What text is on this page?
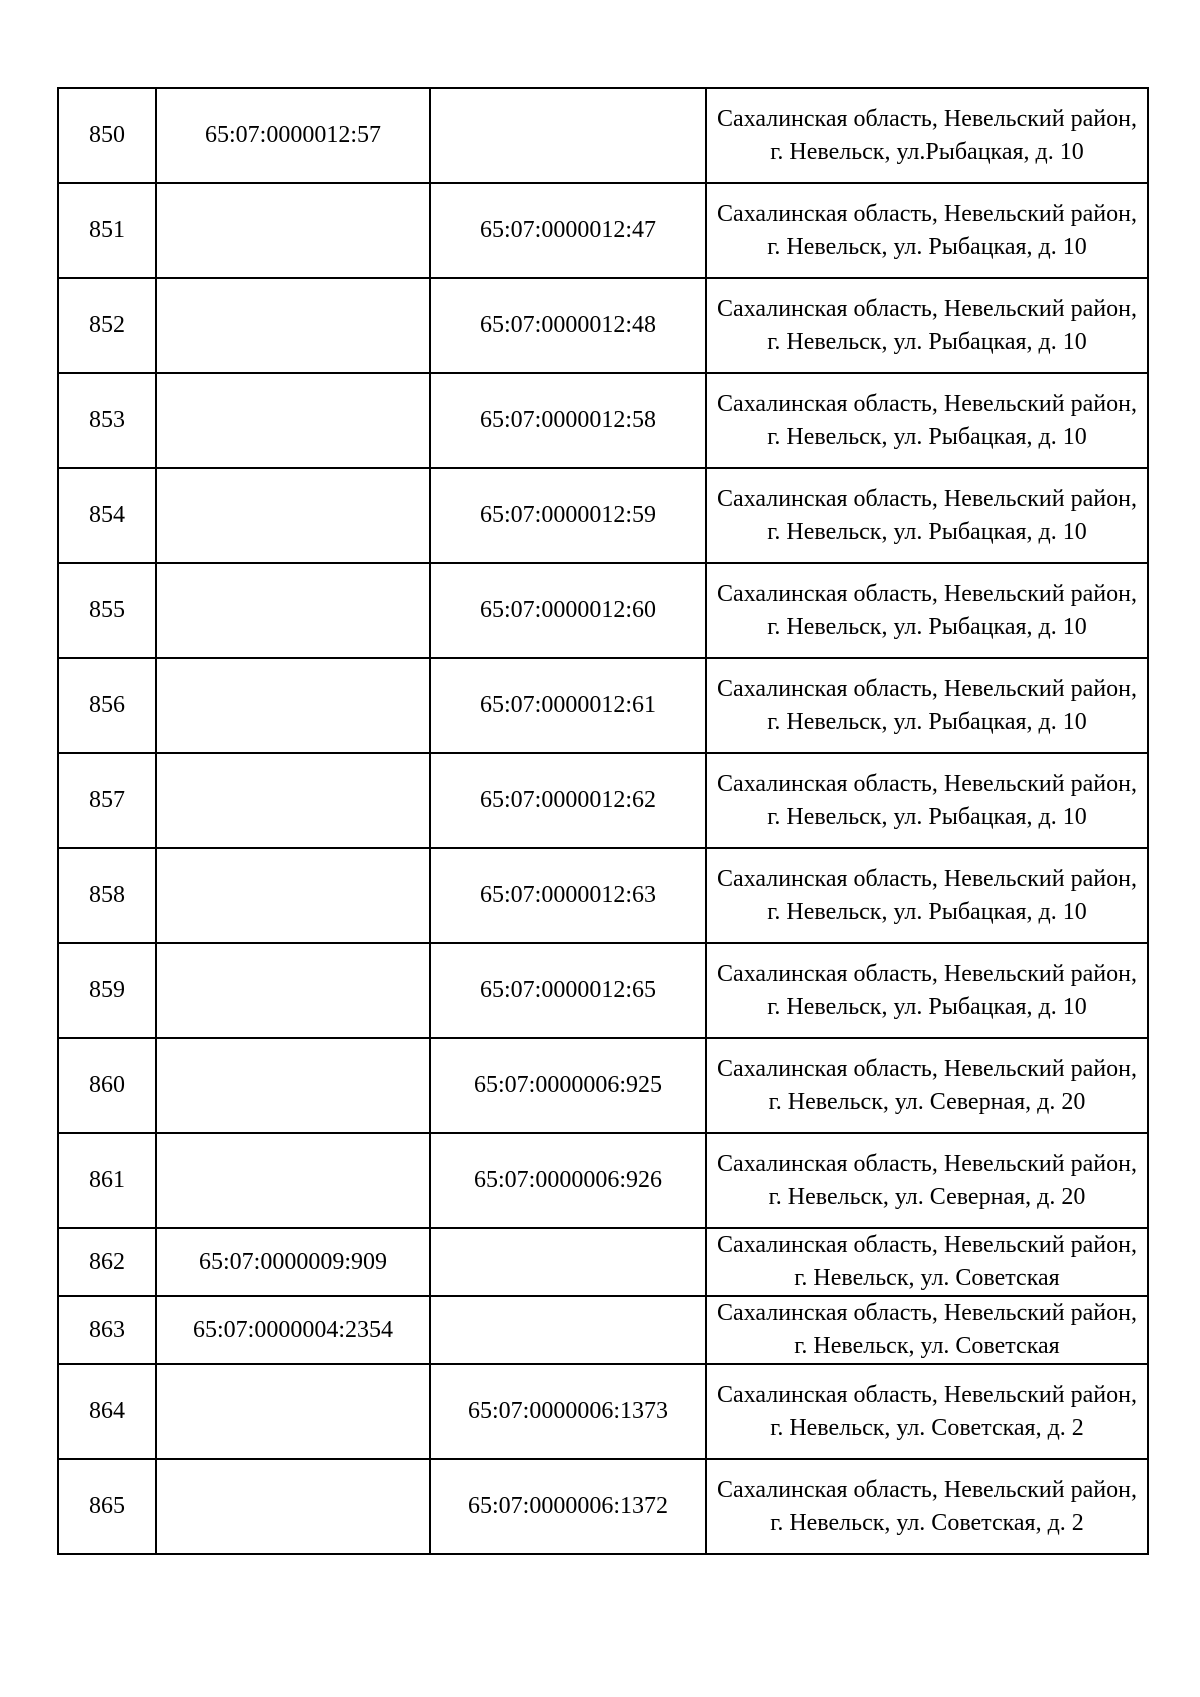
850	65:07:0000012:57		Сахалинская область, Невельский район, г. Невельск, ул.Рыбацкая, д. 10
851		65:07:0000012:47	Сахалинская область, Невельский район, г. Невельск, ул. Рыбацкая, д. 10
852		65:07:0000012:48	Сахалинская область, Невельский район, г. Невельск, ул. Рыбацкая, д. 10
853		65:07:0000012:58	Сахалинская область, Невельский район, г. Невельск, ул. Рыбацкая, д. 10
854		65:07:0000012:59	Сахалинская область, Невельский район, г. Невельск, ул. Рыбацкая, д. 10
855		65:07:0000012:60	Сахалинская область, Невельский район, г. Невельск, ул. Рыбацкая, д. 10
856		65:07:0000012:61	Сахалинская область, Невельский район, г. Невельск, ул. Рыбацкая, д. 10
857		65:07:0000012:62	Сахалинская область, Невельский район, г. Невельск, ул. Рыбацкая, д. 10
858		65:07:0000012:63	Сахалинская область, Невельский район, г. Невельск, ул. Рыбацкая, д. 10
859		65:07:0000012:65	Сахалинская область, Невельский район, г. Невельск, ул. Рыбацкая, д. 10
860		65:07:0000006:925	Сахалинская область, Невельский район, г. Невельск, ул. Северная, д. 20
861		65:07:0000006:926	Сахалинская область, Невельский район, г. Невельск, ул. Северная, д. 20
862	65:07:0000009:909		Сахалинская область, Невельский район, г. Невельск, ул. Советская
863	65:07:0000004:2354		Сахалинская область, Невельский район, г. Невельск, ул. Советская
864		65:07:0000006:1373	Сахалинская область, Невельский район, г. Невельск, ул. Советская, д. 2
865		65:07:0000006:1372	Сахалинская область, Невельский район, г. Невельск, ул. Советская, д. 2
